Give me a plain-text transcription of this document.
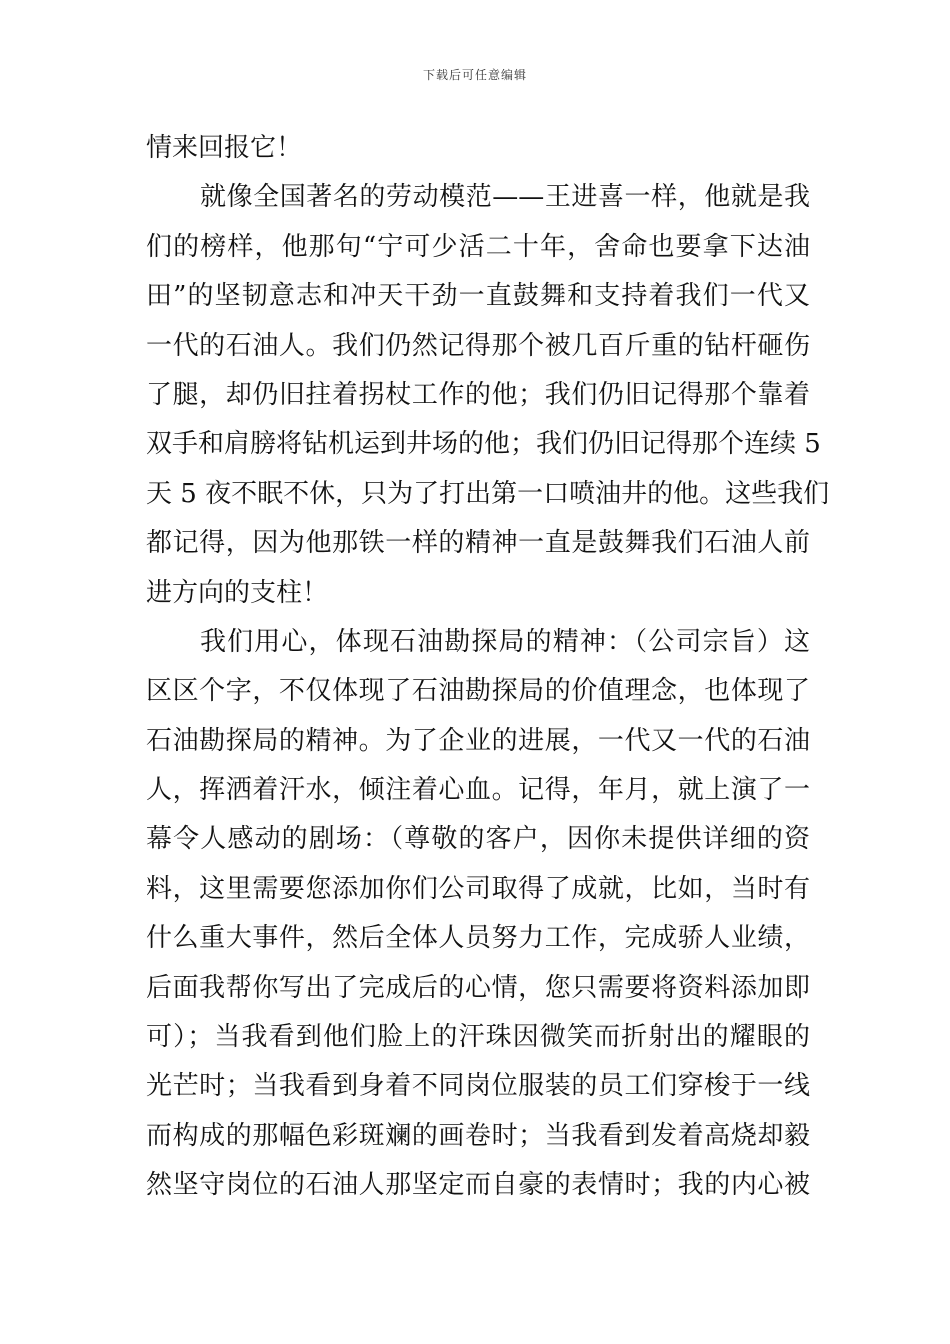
下载后可任意编辑
情来回报它！
就像全国著名的劳动模范——王进喜一样，他就是我
们的榜样，他那句“宁可少活二十年，舍命也要拿下达油
田”的坚韧意志和冲天干劲一直鼓舞和支持着我们一代又
一代的石油人。我们仍然记得那个被几百斤重的钻杆砸伤
了腿，却仍旧拄着拐杖工作的他；我们仍旧记得那个靠着
双手和肩膀将钻机运到井场的他；我们仍旧记得那个连续 5
天 5 夜不眠不休，只为了打出第一口喷油井的他。这些我们
都记得，因为他那铁一样的精神一直是鼓舞我们石油人前
进方向的支柱！
我们用心，体现石油勘探局的精神：（公司宗旨）这
区区个字，不仅体现了石油勘探局的价值理念，也体现了
石油勘探局的精神。为了企业的进展，一代又一代的石油
人，挥洒着汗水，倾注着心血。记得，年月，就上演了一
幕令人感动的剧场：（尊敬的客户，因你未提供详细的资
料，这里需要您添加你们公司取得了成就，比如，当时有
什么重大事件，然后全体人员努力工作，完成骄人业绩，
后面我帮你写出了完成后的心情，您只需要将资料添加即
可）；当我看到他们脸上的汗珠因微笑而折射出的耀眼的
光芒时；当我看到身着不同岗位服装的员工们穿梭于一线
而构成的那幅色彩斑斓的画卷时；当我看到发着高烧却毅
然坚守岗位的石油人那坚定而自豪的表情时；我的内心被
